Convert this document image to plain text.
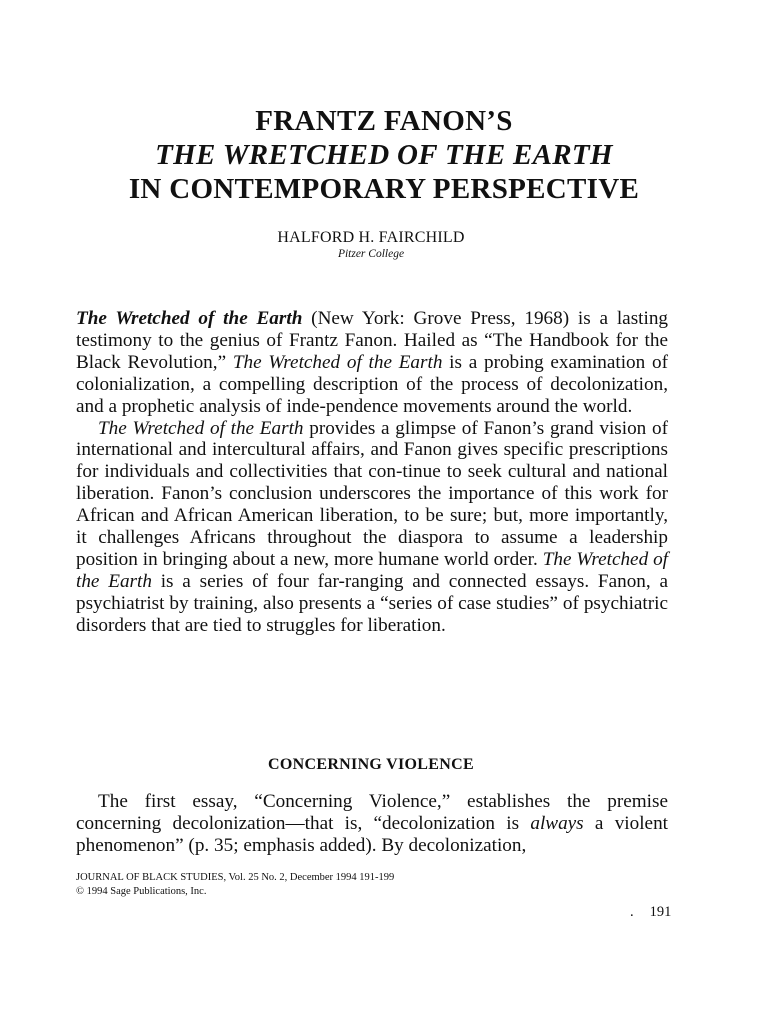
FRANTZ FANON’S
THE WRETCHED OF THE EARTH
IN CONTEMPORARY PERSPECTIVE
HALFORD H. FAIRCHILD
Pitzer College

The Wretched of the Earth (New York: Grove Press, 1968) is a lasting testimony to the genius of Frantz Fanon. Hailed as “The Handbook for the Black Revolution,” The Wretched of the Earth is a probing examination of colonialization, a compelling description of the process of decolonization, and a prophetic analysis of inde-pendence movements around the world.

The Wretched of the Earth provides a glimpse of Fanon’s grand vision of international and intercultural affairs, and Fanon gives specific prescriptions for individuals and collectivities that con-tinue to seek cultural and national liberation. Fanon’s conclusion underscores the importance of this work for African and African American liberation, to be sure; but, more importantly, it challenges Africans throughout the diaspora to assume a leadership position in bringing about a new, more humane world order. The Wretched of the Earth is a series of four far-ranging and connected essays. Fanon, a psychiatrist by training, also presents a “series of case studies” of psychiatric disorders that are tied to struggles for liberation.

CONCERNING VIOLENCE

The first essay, “Concerning Violence,” establishes the premise concerning decolonization—that is, “decolonization is always a violent phenomenon” (p. 35; emphasis added). By decolonization,

JOURNAL OF BLACK STUDIES, Vol. 25 No. 2, December 1994 191-199
© 1994 Sage Publications, Inc.
. 191
